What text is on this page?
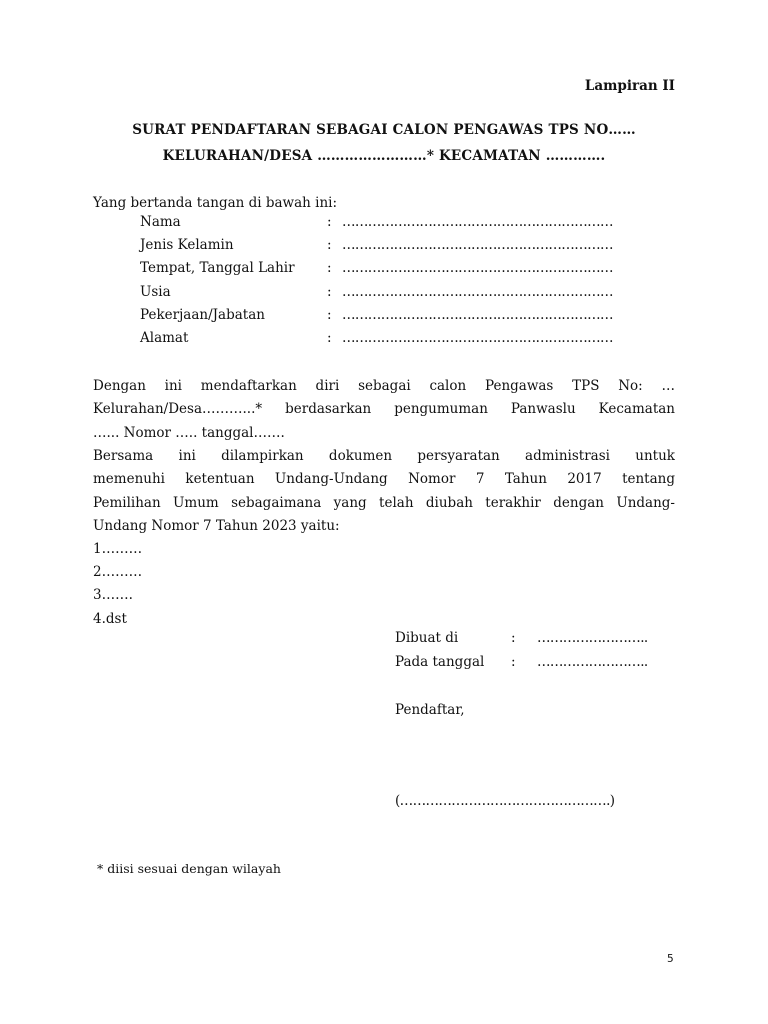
Lampiran II
SURAT PENDAFTARAN SEBAGAI CALON PENGAWAS TPS NO……
KELURAHAN/DESA ……………………* KECAMATAN ………….
Yang bertanda tangan di bawah ini:
Nama	: ………………………………………………………
Jenis Kelamin	: ………………………………………………………
Tempat, Tanggal Lahir : ………………………………………………………
Usia	: ………………………………………………………
Pekerjaan/Jabatan	: ………………………………………………………
Alamat	: ………………………………………………………
Dengan ini mendaftarkan diri sebagai calon Pengawas TPS No: …
Kelurahan/Desa………...* berdasarkan pengumuman Panwaslu Kecamatan
…... Nomor ….. tanggal…….
Bersama ini dilampirkan dokumen persyaratan administrasi untuk
memenuhi ketentuan Undang-Undang Nomor 7 Tahun 2017 tentang
Pemilihan Umum sebagaimana yang telah diubah terakhir dengan Undang-
Undang Nomor 7 Tahun 2023 yaitu:
1………
2………
3…….
4.dst
Dibuat di	: ……………………..
Pada tanggal : ……………………..
Pendaftar,
(………………………………………….)
* diisi sesuai dengan wilayah
5
